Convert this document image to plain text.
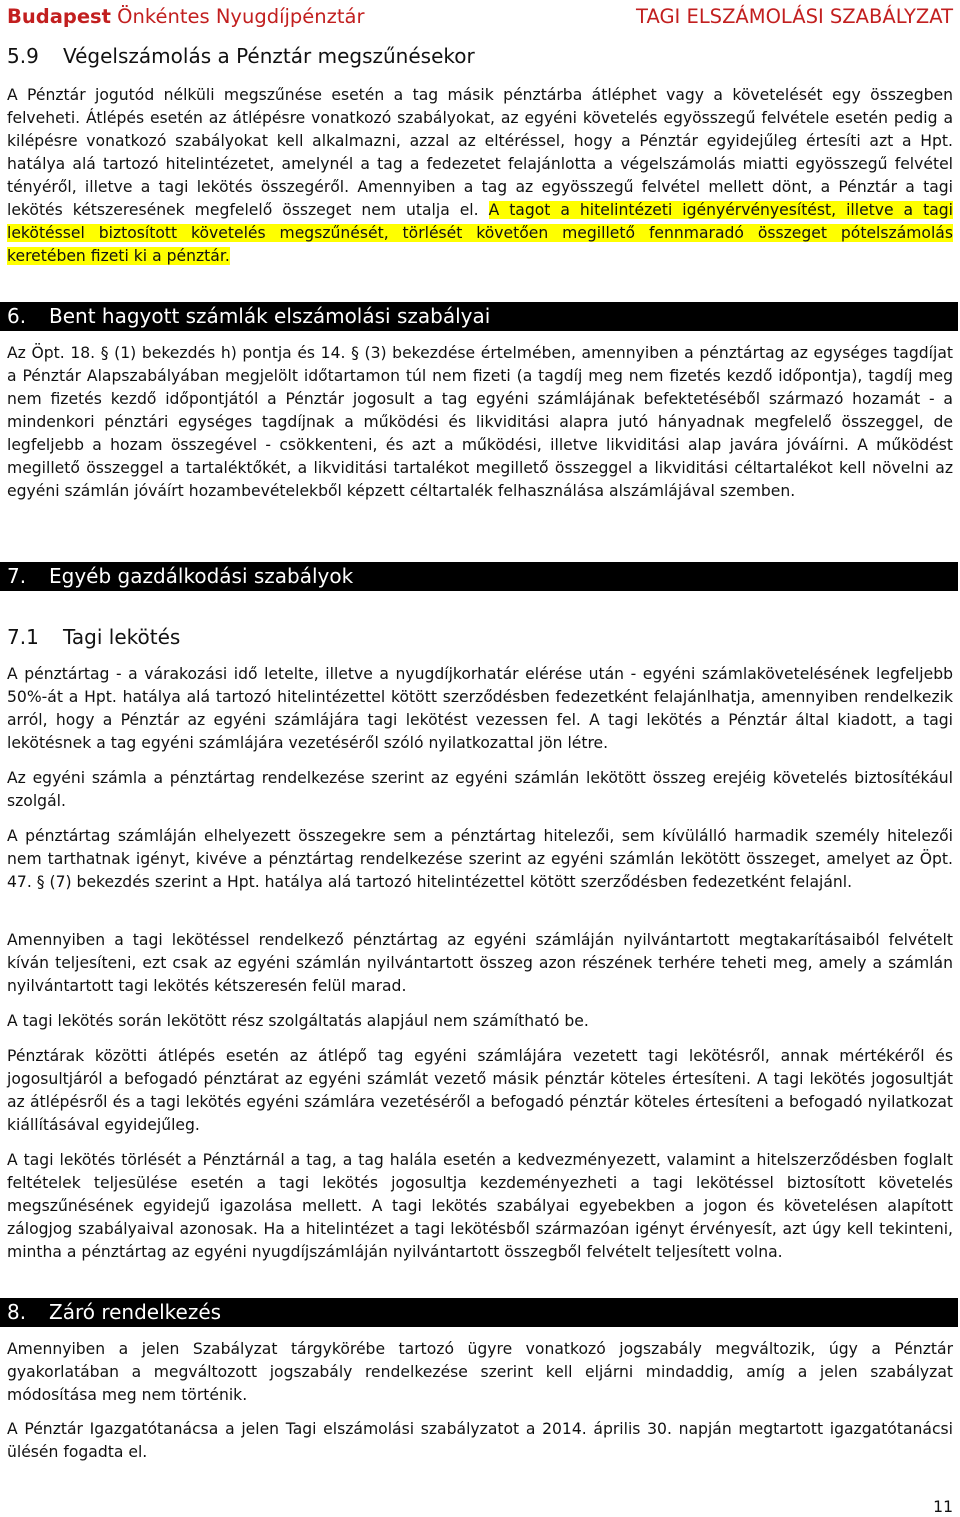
Budapest Önkéntes Nyugdíjpénztár	TAGI ELSZÁMOLÁSI SZABÁLYZAT
5.9 Végelszámolás a Pénztár megszűnésekor
A Pénztár jogutód nélküli megszűnése esetén a tag másik pénztárba átléphet vagy a követelését egy összegben felveheti. Átlépés esetén az átlépésre vonatkozó szabályokat, az egyéni követelés egyösszegű felvétele esetén pedig a kilépésre vonatkozó szabályokat kell alkalmazni, azzal az eltéréssel, hogy a Pénztár egyidejűleg értesíti azt a Hpt. hatálya alá tartozó hitelintézetet, amelynél a tag a fedezetet felajánlotta a végelszámolás miatti egyösszegű felvétel tényéről, illetve a tagi lekötés összegéről. Amennyiben a tag az egyösszegű felvétel mellett dönt, a Pénztár a tagi lekötés kétszeresének megfelelő összeget nem utalja el. A tagot a hitelintézeti igényérvényesítést, illetve a tagi lekötéssel biztosított követelés megszűnését, törlését követően megillető fennmaradó összeget pótelszámolás keretében fizeti ki a pénztár.
6. Bent hagyott számlák elszámolási szabályai
Az Öpt. 18. § (1) bekezdés h) pontja és 14. § (3) bekezdése értelmében, amennyiben a pénztártag az egységes tagdíjat a Pénztár Alapszabályában megjelölt időtartamon túl nem fizeti (a tagdíj meg nem fizetés kezdő időpontja), tagdíj meg nem fizetés kezdő időpontjától a Pénztár jogosult a tag egyéni számlájának befektetéséből származó hozamát - a mindenkori pénztári egységes tagdíjnak a működési és likviditási alapra jutó hányadnak megfelelő összeggel, de legfeljebb a hozam összegével - csökkenteni, és azt a működési, illetve likviditási alap javára jóváírni. A működést megillető összeggel a tartaléktőkét, a likviditási tartalékot megillető összeggel a likviditási céltartalékot kell növelni az egyéni számlán jóváírt hozambevételekből képzett céltartalék felhasználása alszámlájával szemben.
7. Egyéb gazdálkodási szabályok
7.1 Tagi lekötés
A pénztártag - a várakozási idő letelte, illetve a nyugdíjkorhatár elérése után - egyéni számlakövetelésének legfeljebb 50%-át a Hpt. hatálya alá tartozó hitelintézettel kötött szerződésben fedezetként felajánlhatja, amennyiben rendelkezik arról, hogy a Pénztár az egyéni számlájára tagi lekötést vezessen fel. A tagi lekötés a Pénztár által kiadott, a tagi lekötésnek a tag egyéni számlájára vezetéséről szóló nyilatkozattal jön létre.
Az egyéni számla a pénztártag rendelkezése szerint az egyéni számlán lekötött összeg erejéig követelés biztosítékául szolgál.
A pénztártag számláján elhelyezett összegekre sem a pénztártag hitelezői, sem kívülálló harmadik személy hitelezői nem tarthatnak igényt, kivéve a pénztártag rendelkezése szerint az egyéni számlán lekötött összeget, amelyet az Öpt. 47. § (7) bekezdés szerint a Hpt. hatálya alá tartozó hitelintézettel kötött szerződésben fedezetként felajánl.
Amennyiben a tagi lekötéssel rendelkező pénztártag az egyéni számláján nyilvántartott megtakarításaiból felvételt kíván teljesíteni, ezt csak az egyéni számlán nyilvántartott összeg azon részének terhére teheti meg, amely a számlán nyilvántartott tagi lekötés kétszeresén felül marad.
A tagi lekötés során lekötött rész szolgáltatás alapjául nem számítható be.
Pénztárak közötti átlépés esetén az átlépő tag egyéni számlájára vezetett tagi lekötésről, annak mértékéről és jogosultjáról a befogadó pénztárat az egyéni számlát vezető másik pénztár köteles értesíteni. A tagi lekötés jogosultját az átlépésről és a tagi lekötés egyéni számlára vezetéséről a befogadó pénztár köteles értesíteni a befogadó nyilatkozat kiállításával egyidejűleg.
A tagi lekötés törlését a Pénztárnál a tag, a tag halála esetén a kedvezményezett, valamint a hitelszerződésben foglalt feltételek teljesülése esetén a tagi lekötés jogosultja kezdeményezheti a tagi lekötéssel biztosított követelés megszűnésének egyidejű igazolása mellett. A tagi lekötés szabályai egyebekben a jogon és követelésen alapított zálogjog szabályaival azonosak. Ha a hitelintézet a tagi lekötésből származóan igényt érvényesít, azt úgy kell tekinteni, mintha a pénztártag az egyéni nyugdíjszámláján nyilvántartott összegből felvételt teljesített volna.
8. Záró rendelkezés
Amennyiben a jelen Szabályzat tárgykörébe tartozó ügyre vonatkozó jogszabály megváltozik, úgy a Pénztár gyakorlatában a megváltozott jogszabály rendelkezése szerint kell eljárni mindaddig, amíg a jelen szabályzat módosítása meg nem történik.
A Pénztár Igazgatótanácsa a jelen Tagi elszámolási szabályzatot a 2014. április 30. napján megtartott igazgatótanácsi ülésén fogadta el.
11
